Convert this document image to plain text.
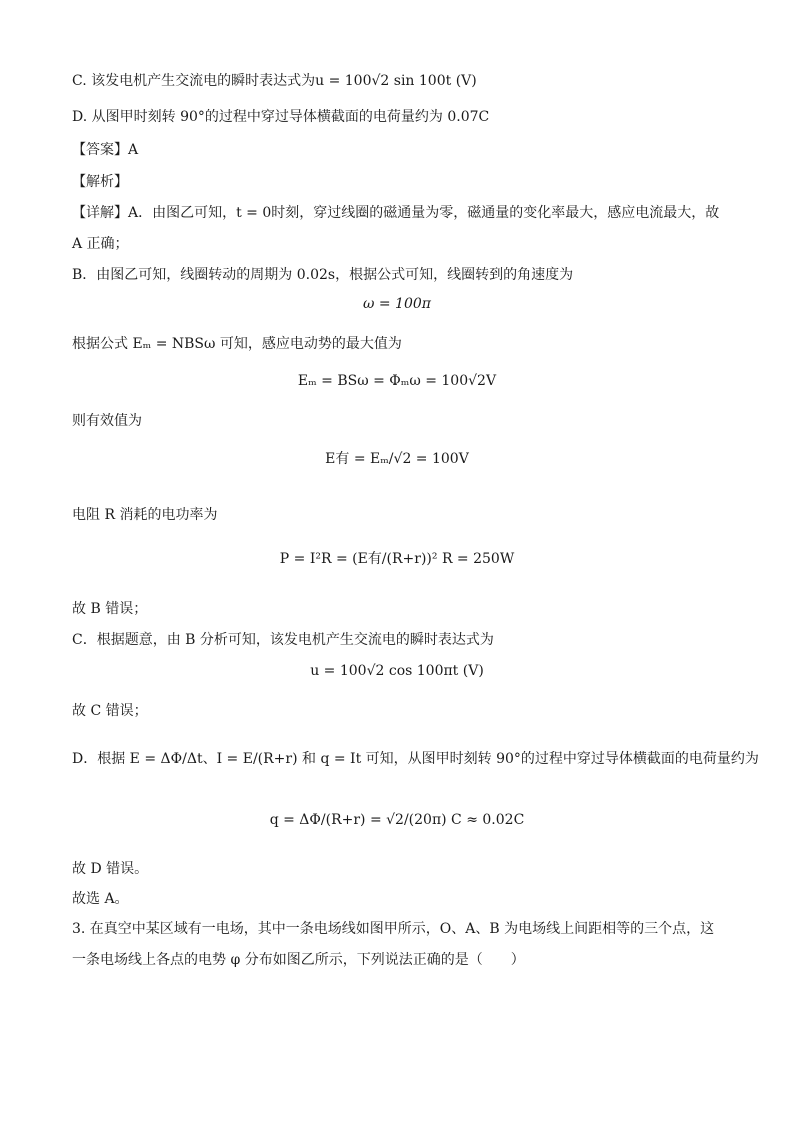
C. 该发电机产生交流电的瞬时表达式为u = 100√2 sin 100t (V)
D. 从图甲时刻转 90°的过程中穿过导体横截面的电荷量约为 0.07C
【答案】A
【解析】
【详解】A．由图乙可知，t = 0时刻，穿过线圈的磁通量为零，磁通量的变化率最大，感应电流最大，故
A 正确；
B．由图乙可知，线圈转动的周期为 0.02s，根据公式可知，线圈转到的角速度为
ω = 100π
根据公式 Eₘ = NBSω 可知，感应电动势的最大值为
Eₘ = BSω = Φₘω = 100√2V
则有效值为
E有 = Eₘ/√2 = 100V
电阻 R 消耗的电功率为
P = I²R = (E有/(R+r))² R = 250W
故 B 错误；
C．根据题意，由 B 分析可知，该发电机产生交流电的瞬时表达式为
u = 100√2 cos 100πt (V)
故 C 错误；
D．根据 E = ΔΦ/Δt、I = E/(R+r) 和 q = It 可知，从图甲时刻转 90°的过程中穿过导体横截面的电荷量约为
q = ΔΦ/(R+r) = √2/(20π) C ≈ 0.02C
故 D 错误。
故选 A。
3. 在真空中某区域有一电场，其中一条电场线如图甲所示，O、A、B 为电场线上间距相等的三个点，这
一条电场线上各点的电势 φ 分布如图乙所示，下列说法正确的是（　　）
